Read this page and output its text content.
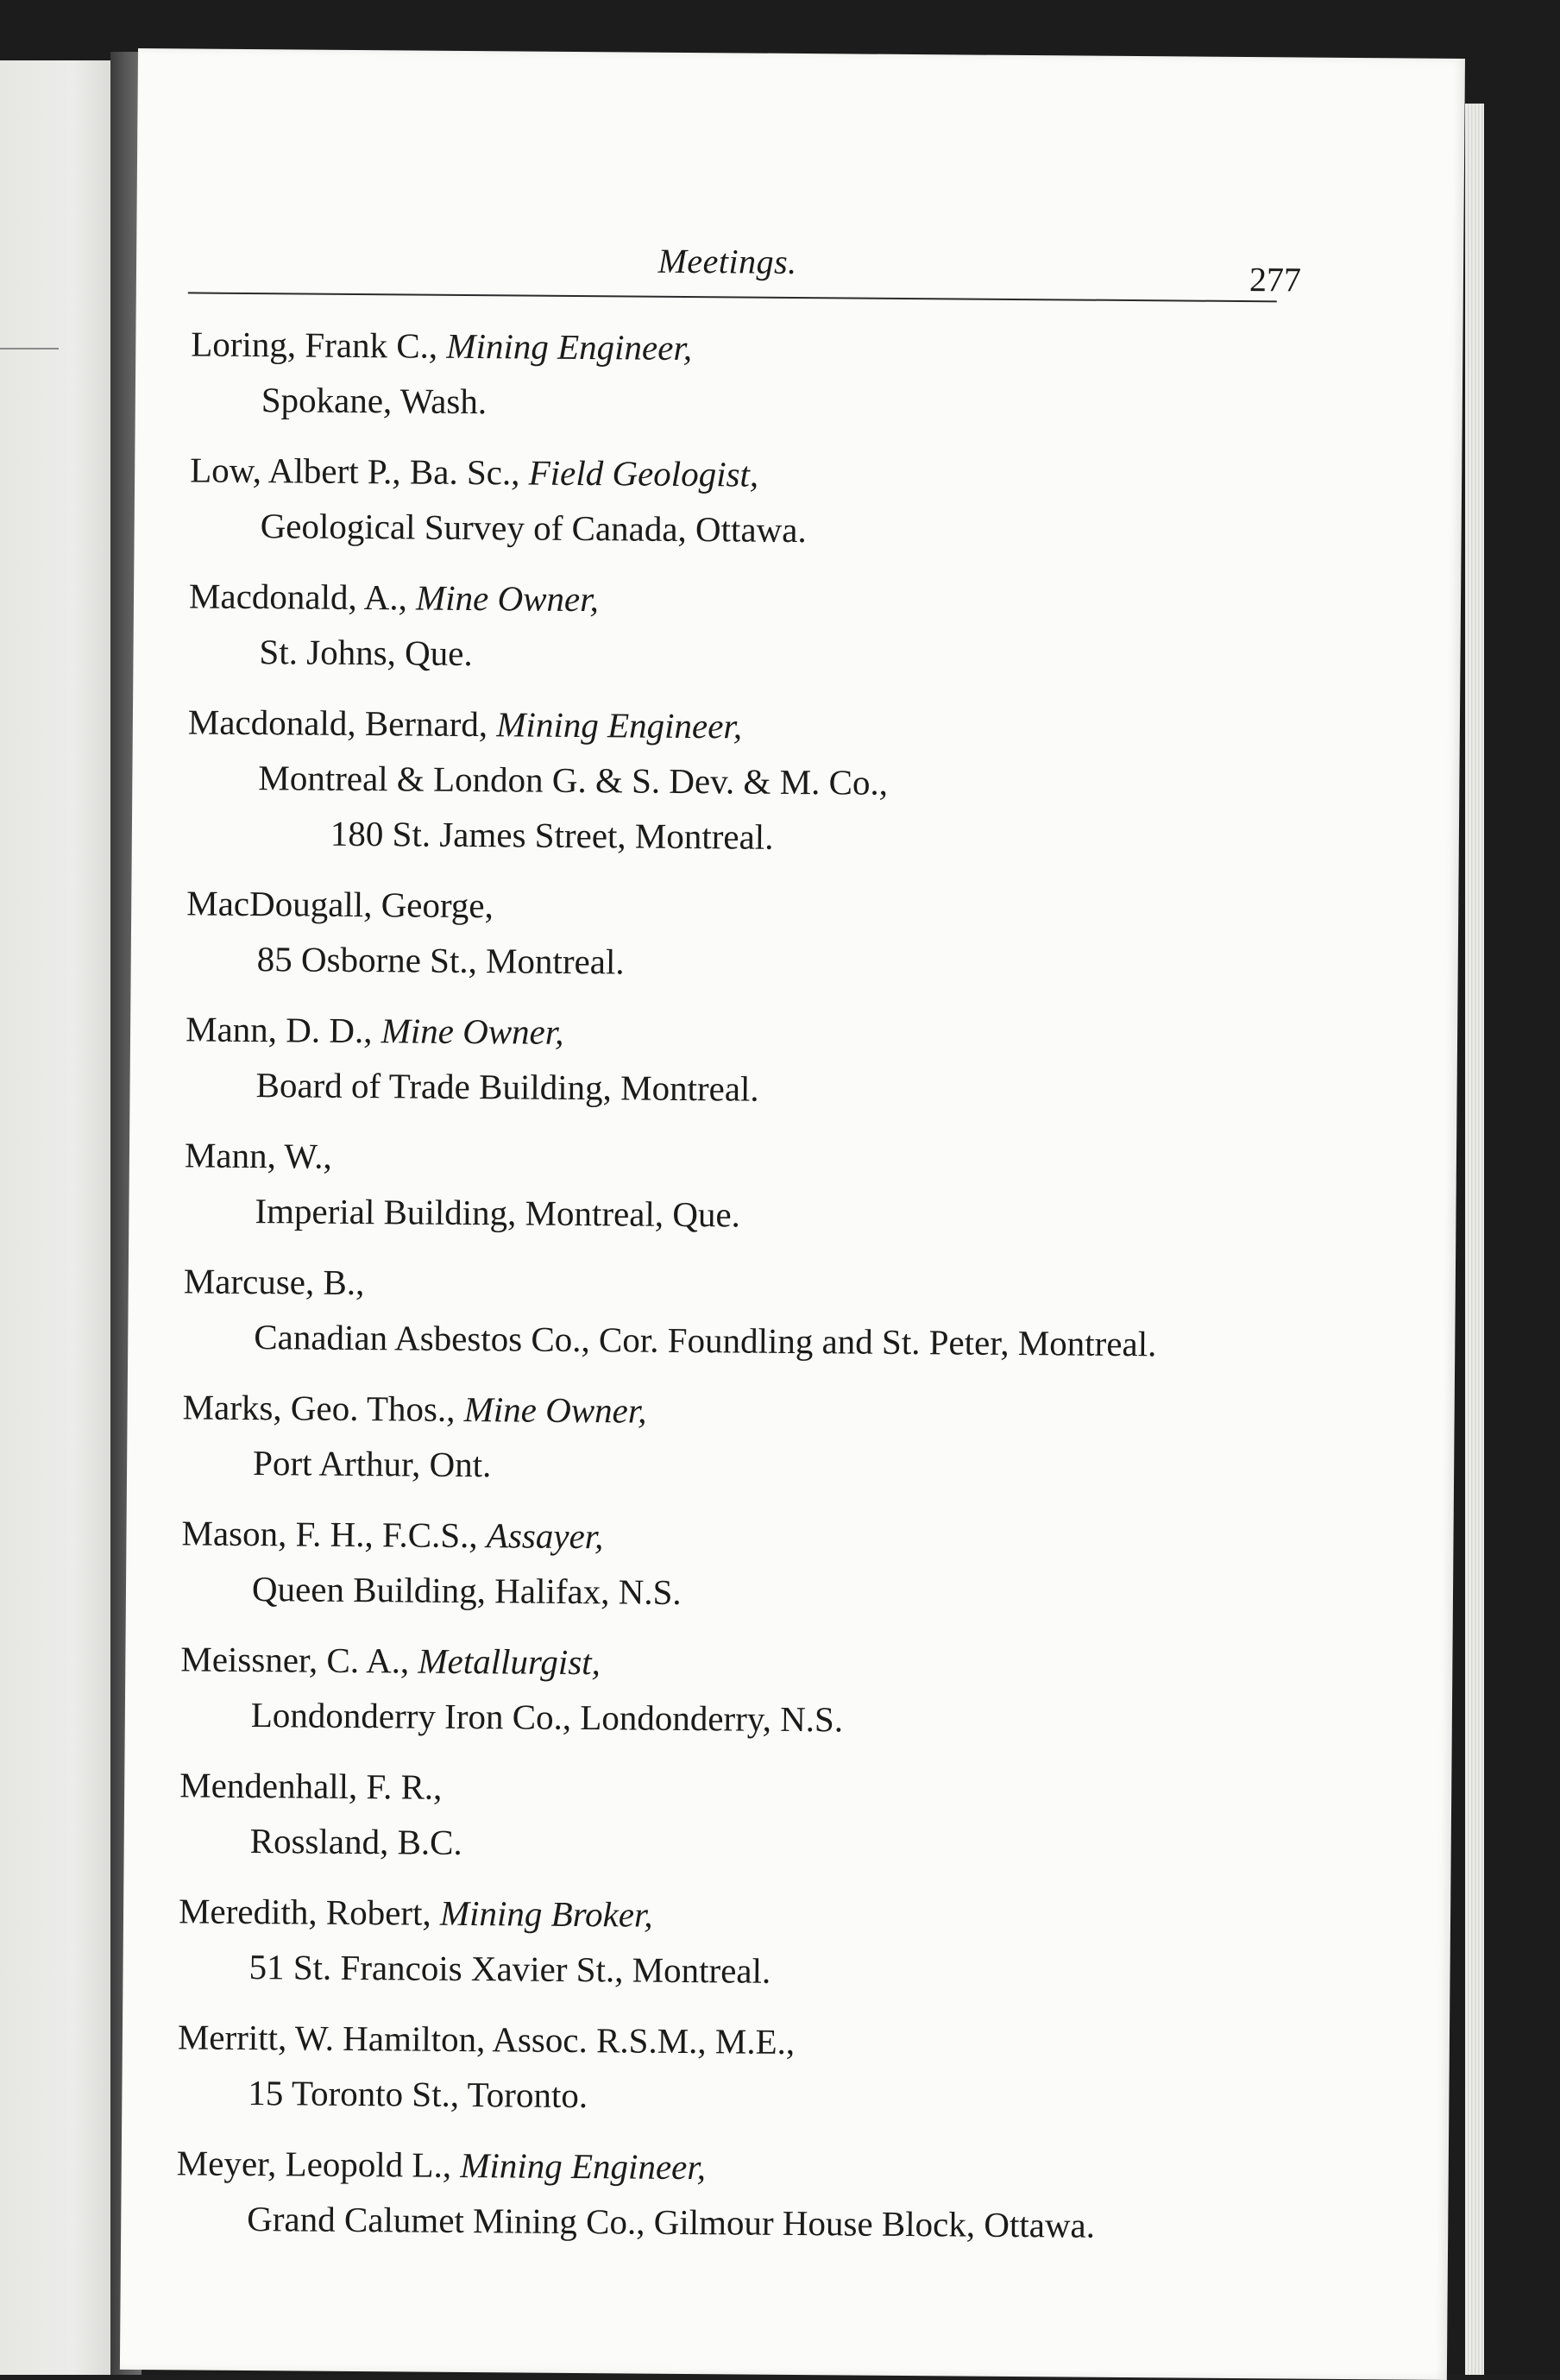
Meetings.	277
Loring, Frank C., Mining Engineer,
Spokane, Wash.
Low, Albert P., Ba. Sc., Field Geologist,
Geological Survey of Canada, Ottawa.
Macdonald, A., Mine Owner,
St. Johns, Que.
Macdonald, Bernard, Mining Engineer,
Montreal & London G. & S. Dev. & M. Co.,
180 St. James Street, Montreal.
MacDougall, George,
85 Osborne St., Montreal.
Mann, D. D., Mine Owner,
Board of Trade Building, Montreal.
Mann, W.,
Imperial Building, Montreal, Que.
Marcuse, B.,
Canadian Asbestos Co., Cor. Foundling and St. Peter, Montreal.
Marks, Geo. Thos., Mine Owner,
Port Arthur, Ont.
Mason, F. H., F.C.S., Assayer,
Queen Building, Halifax, N.S.
Meissner, C. A., Metallurgist,
Londonderry Iron Co., Londonderry, N.S.
Mendenhall, F. R.,
Rossland, B.C.
Meredith, Robert, Mining Broker,
51 St. Francois Xavier St., Montreal.
Merritt, W. Hamilton, Assoc. R.S.M., M.E.,
15 Toronto St., Toronto.
Meyer, Leopold L., Mining Engineer,
Grand Calumet Mining Co., Gilmour House Block, Ottawa.
